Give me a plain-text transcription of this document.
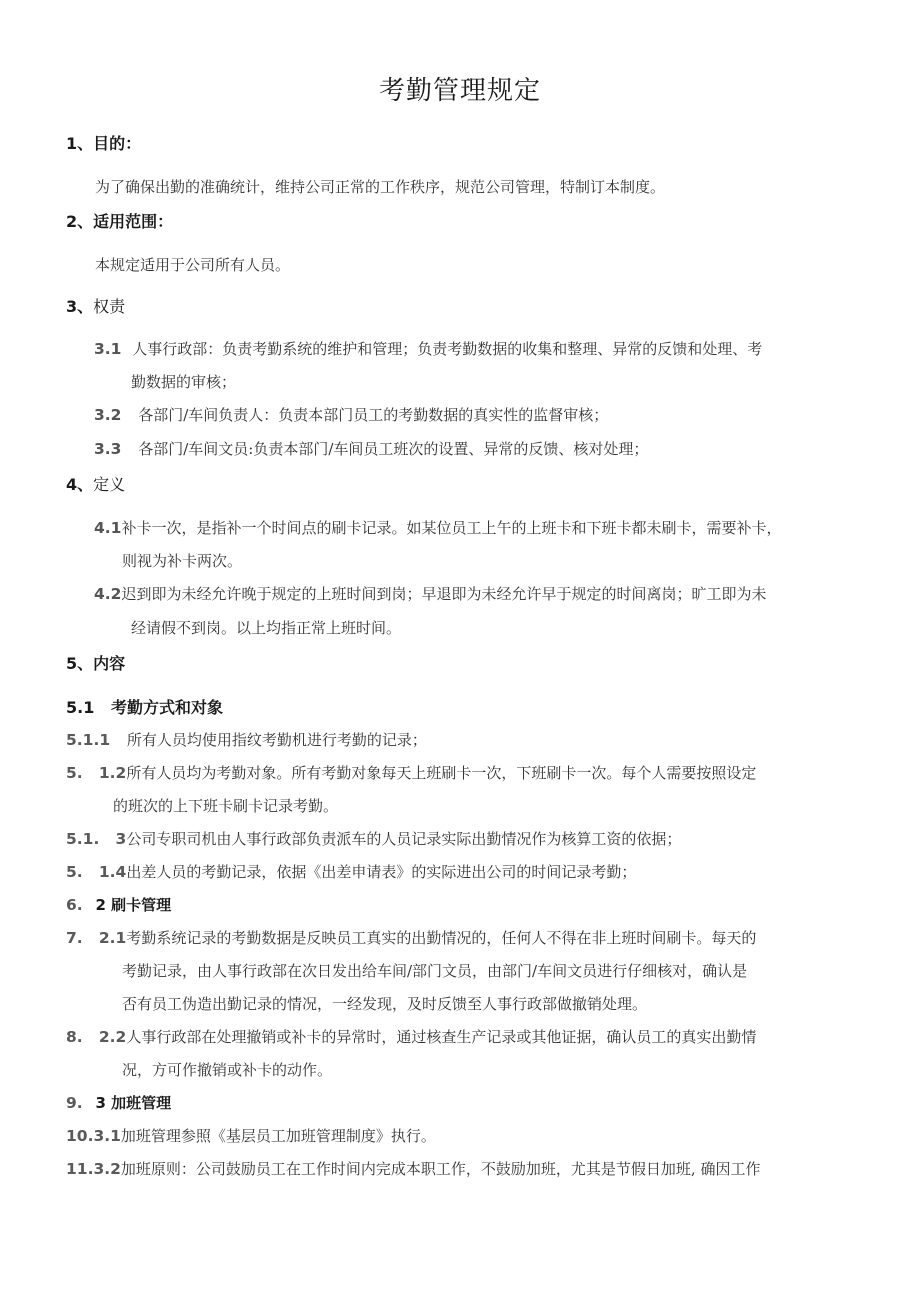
考勤管理规定
1、目的：
为了确保出勤的准确统计，维持公司正常的工作秩序，规范公司管理，特制订本制度。
2、适用范围：
本规定适用于公司所有人员。
3、权责
3.1 人事行政部：负责考勤系统的维护和管理；负责考勤数据的收集和整理、异常的反馈和处理、考
勤数据的审核；
3.2 各部门/车间负责人：负责本部门员工的考勤数据的真实性的监督审核；
3.3 各部门/车间文员:负责本部门/车间员工班次的设置、异常的反馈、核对处理；
4、定义
4.1补卡一次，是指补一个时间点的刷卡记录。如某位员工上午的上班卡和下班卡都未刷卡，需要补卡，
则视为补卡两次。
4.2迟到即为未经允许晚于规定的上班时间到岗；早退即为未经允许早于规定的时间离岗；旷工即为未
经请假不到岗。以上均指正常上班时间。
5、内容
5.1   考勤方式和对象
5.1.1 所有人员均使用指纹考勤机进行考勤的记录；
5.   1.2所有人员均为考勤对象。所有考勤对象每天上班刷卡一次，下班刷卡一次。每个人需要按照设定
的班次的上下班卡刷卡记录考勤。
5.1.   3公司专职司机由人事行政部负责派车的人员记录实际出勤情况作为核算工资的依据；
5.   1.4出差人员的考勤记录，依据《出差申请表》的实际进出公司的时间记录考勤；
6. 2 刷卡管理
7.   2.1考勤系统记录的考勤数据是反映员工真实的出勤情况的，任何人不得在非上班时间刷卡。每天的
考勤记录，由人事行政部在次日发出给车间/部门文员，由部门/车间文员进行仔细核对，确认是
否有员工伪造出勤记录的情况，一经发现，及时反馈至人事行政部做撤销处理。
8.   2.2人事行政部在处理撤销或补卡的异常时，通过核查生产记录或其他证据，确认员工的真实出勤情
况，方可作撤销或补卡的动作。
9. 3 加班管理
10.3.1加班管理参照《基层员工加班管理制度》执行。
11.3.2加班原则：公司鼓励员工在工作时间内完成本职工作，不鼓励加班，尤其是节假日加班, 确因工作
